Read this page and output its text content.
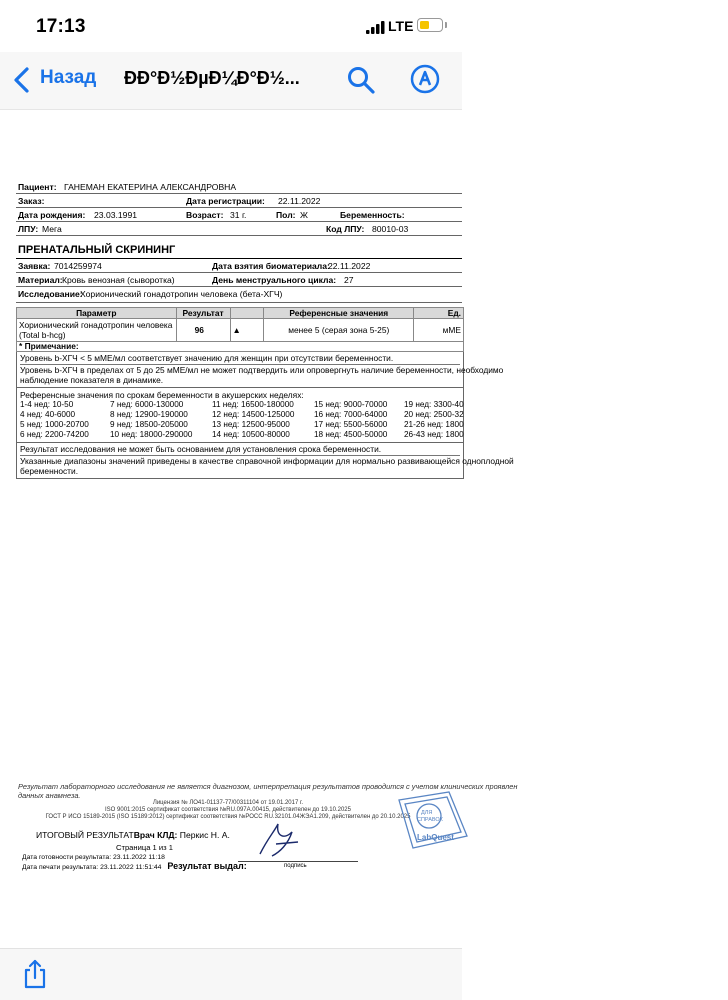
17:13	LTE
Назад ÐÐ°Ð½ÐµÐ¼Ð°Ð½...
Пациент: ГАНЕМАН ЕКАТЕРИНА АЛЕКСАНДРОВНА
Заказ:	Дата регистрации: 22.11.2022
Дата рождения: 23.03.1991	Возраст: 31 г.	Пол: Ж	Беременность:
ЛПУ: Мега	Код ЛПУ: 80010-03
ПРЕНАТАЛЬНЫЙ СКРИНИНГ
Заявка: 7014259974	Дата взятия биоматериала:
22.11.2022
Материал: Кровь венозная (сыворотка)	День менструального цикла: 27
Исследование:
Хорионический гонадотропин человека (бета-ХГЧ)
Параметр	Результат		Референсные значения	Ед.

Хорионический гонадотропин человека
(Total b-hcg)	96	▲	менее 5 (серая зона 5-25)	мМЕ
* Примечание:				
Уровень b-ХГЧ < 5 мМЕ/мл соответствует значению для женщин при отсутствии беременности.
Уровень b-ХГЧ в пределах от 5 до 25 мМЕ/мл не может подтвердить или опровергнуть наличие беременности, необходимо
наблюдение показателя в динамике.
Референсные значения по срокам беременности в акушерских неделях:
1-4 нед: 10-50	7 нед: 6000-130000	11 нед: 16500-180000	15 нед: 9000-70000	19 нед: 3300-40
4 нед: 40-6000	8 нед: 12900-190000	12 нед: 14500-125000	16 нед: 7000-64000	20 нед: 2500-32
5 нед: 1000-20700	9 нед: 18500-205000	13 нед: 12500-95000	17 нед: 5500-56000	21-26 нед: 1800
6 нед: 2200-74200	10 нед: 18000-290000	14 нед: 10500-80000	18 нед: 4500-50000	26-43 нед: 1800
Результат исследования не может быть основанием для установления срока беременности.
Указанные диапазоны значений приведены в качестве справочной информации для нормально развивающейся одноплодной
беременности.
Результат лабораторного исследования не является диагнозом, интерпретация результатов проводится с учетом клинических проявлен
данных анамнеза.
Лицензия № ЛО41-01137-77/00311104 от 19.01.2017 г.
ISO 9001:2015 сертификат соответствия №RU.097А.00415, действителен до 19.10.2025
ГОСТ Р ИСО 15189-2015 (ISO 15189:2012) сертификат соответствия №РОСС RU.32101.04ЖЭА1.209, действителен до 20.10.2025
ИТОГОВЫЙ РЕЗУЛЬТАТВрач КЛД: Перкис Н. А.
Страница 1 из 1
Дата готовности результата: 23.11.2022 11:18
Дата печати результата: 23.11.2022 11:51:44 Результат выдал:	подпись
ДЛЯ
СПРАВОК
LabQuest
